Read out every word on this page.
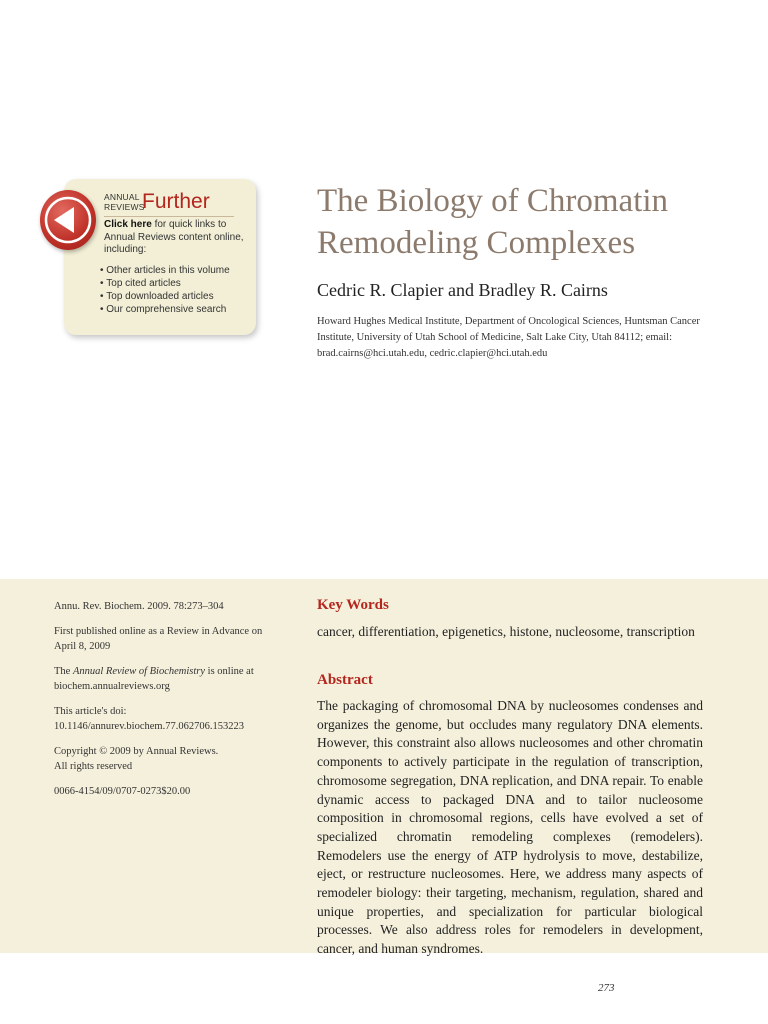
ANNUAL
REVIEWS
Further
Click here for quick links to Annual Reviews content online, including:
• Other articles in this volume
• Top cited articles
• Top downloaded articles
• Our comprehensive search
The Biology of Chromatin Remodeling Complexes
Cedric R. Clapier and Bradley R. Cairns
Howard Hughes Medical Institute, Department of Oncological Sciences, Huntsman Cancer Institute, University of Utah School of Medicine, Salt Lake City, Utah 84112; email: brad.cairns@hci.utah.edu, cedric.clapier@hci.utah.edu

Annu. Rev. Biochem. 2009. 78:273–304

First published online as a Review in Advance on April 8, 2009

The Annual Review of Biochemistry is online at biochem.annualreviews.org

This article's doi:
10.1146/annurev.biochem.77.062706.153223

Copyright © 2009 by Annual Reviews.
All rights reserved

0066-4154/09/0707-0273$20.00

Key Words
cancer, differentiation, epigenetics, histone, nucleosome, transcription
Abstract

The packaging of chromosomal DNA by nucleosomes condenses and organizes the genome, but occludes many regulatory DNA elements. However, this constraint also allows nucleosomes and other chromatin components to actively participate in the regulation of transcription, chromosome segregation, DNA replication, and DNA repair. To enable dynamic access to packaged DNA and to tailor nucleosome composition in chromosomal regions, cells have evolved a set of specialized chromatin remodeling complexes (remodelers). Remodelers use the energy of ATP hydrolysis to move, destabilize, eject, or restructure nucleosomes. Here, we address many aspects of remodeler biology: their targeting, mechanism, regulation, shared and unique properties, and specialization for particular biological processes. We also address roles for remodelers in development, cancer, and human syndromes.

273
